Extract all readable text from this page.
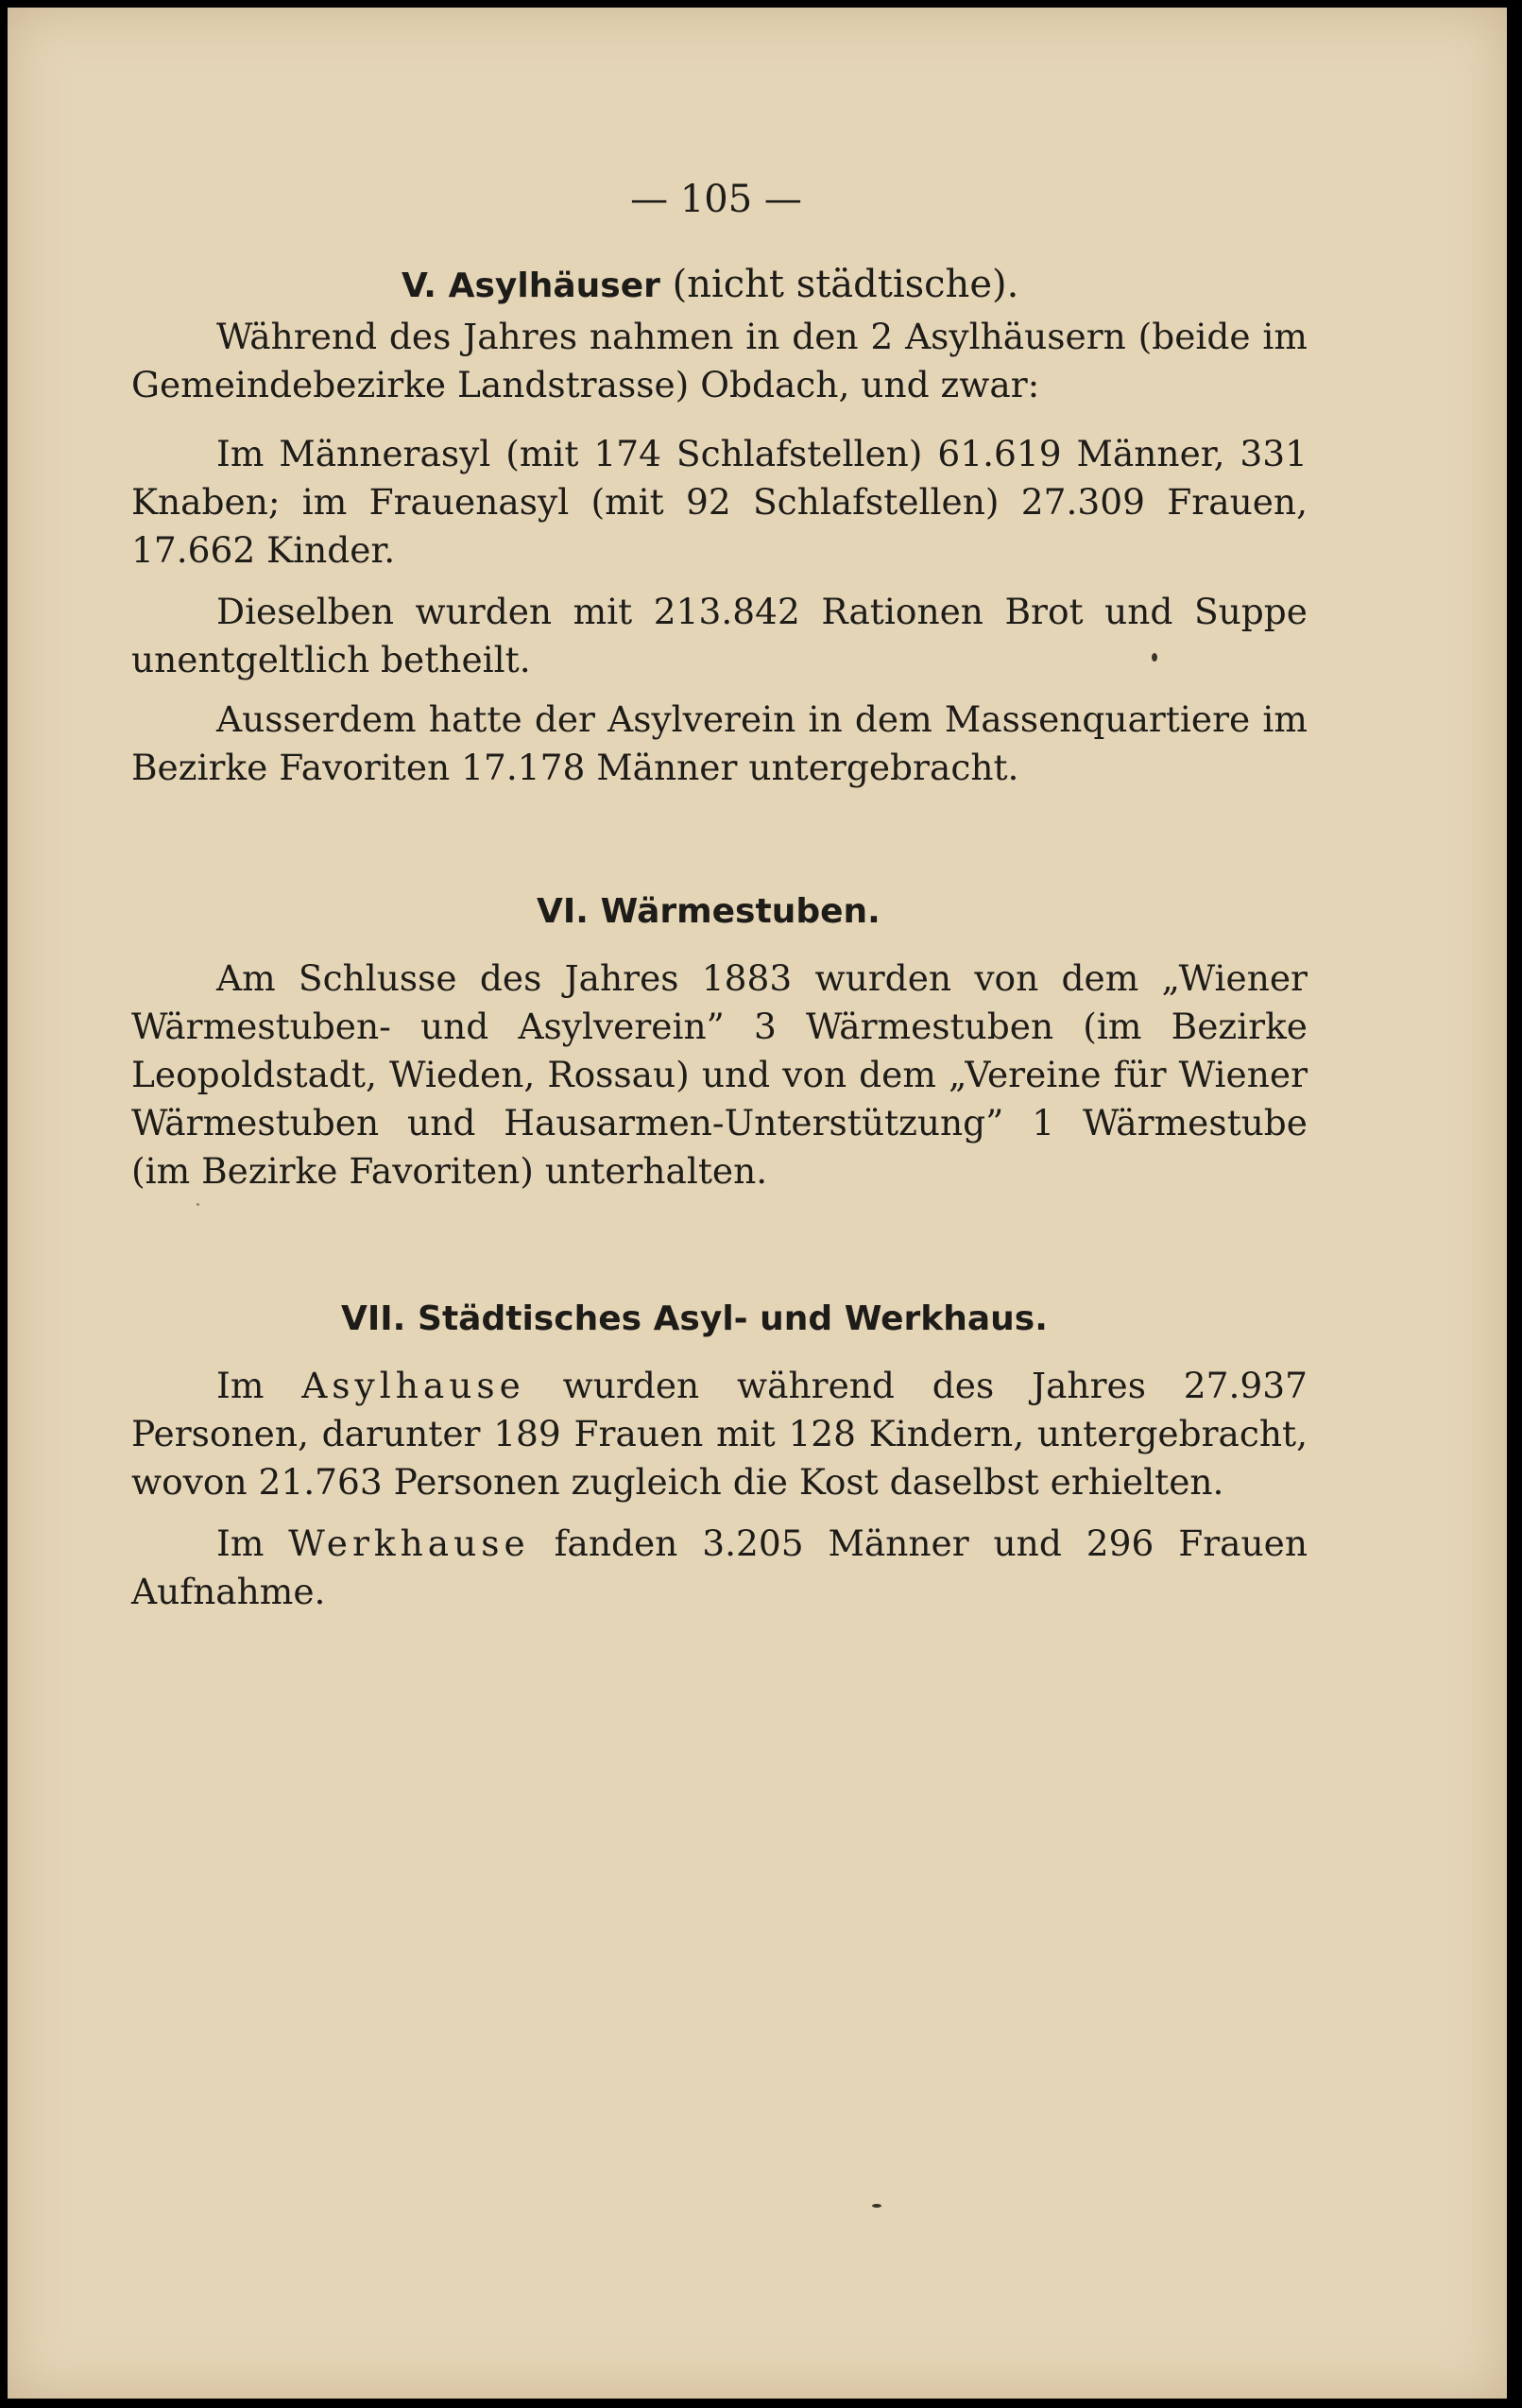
— 105 —
V. Asylhäuser (nicht städtische).

Während des Jahres nahmen in den 2 Asylhäusern (beide im Gemeindebezirke Landstrasse) Obdach, und zwar:

Im Männerasyl (mit 174 Schlafstellen) 61.619 Männer, 331 Knaben; im Frauenasyl (mit 92 Schlafstellen) 27.309 Frauen, 17.662 Kinder.

Dieselben wurden mit 213.842 Rationen Brot und Suppe unentgeltlich betheilt.

Ausserdem hatte der Asylverein in dem Massenquartiere im Bezirke Favoriten 17.178 Männer untergebracht.

VI. Wärmestuben.

Am Schlusse des Jahres 1883 wurden von dem „Wiener Wärmestuben- und Asylverein” 3 Wärmestuben (im Bezirke Leopoldstadt, Wieden, Rossau) und von dem „Vereine für Wiener Wärmestuben und Hausarmen-Unterstützung” 1 Wärmestube (im Bezirke Favoriten) unterhalten.

VII. Städtisches Asyl- und Werkhaus.

Im Asylhause wurden während des Jahres 27.937 Personen, darunter 189 Frauen mit 128 Kindern, untergebracht, wovon 21.763 Personen zugleich die Kost daselbst erhielten.

Im Werkhause fanden 3.205 Männer und 296 Frauen Aufnahme.
